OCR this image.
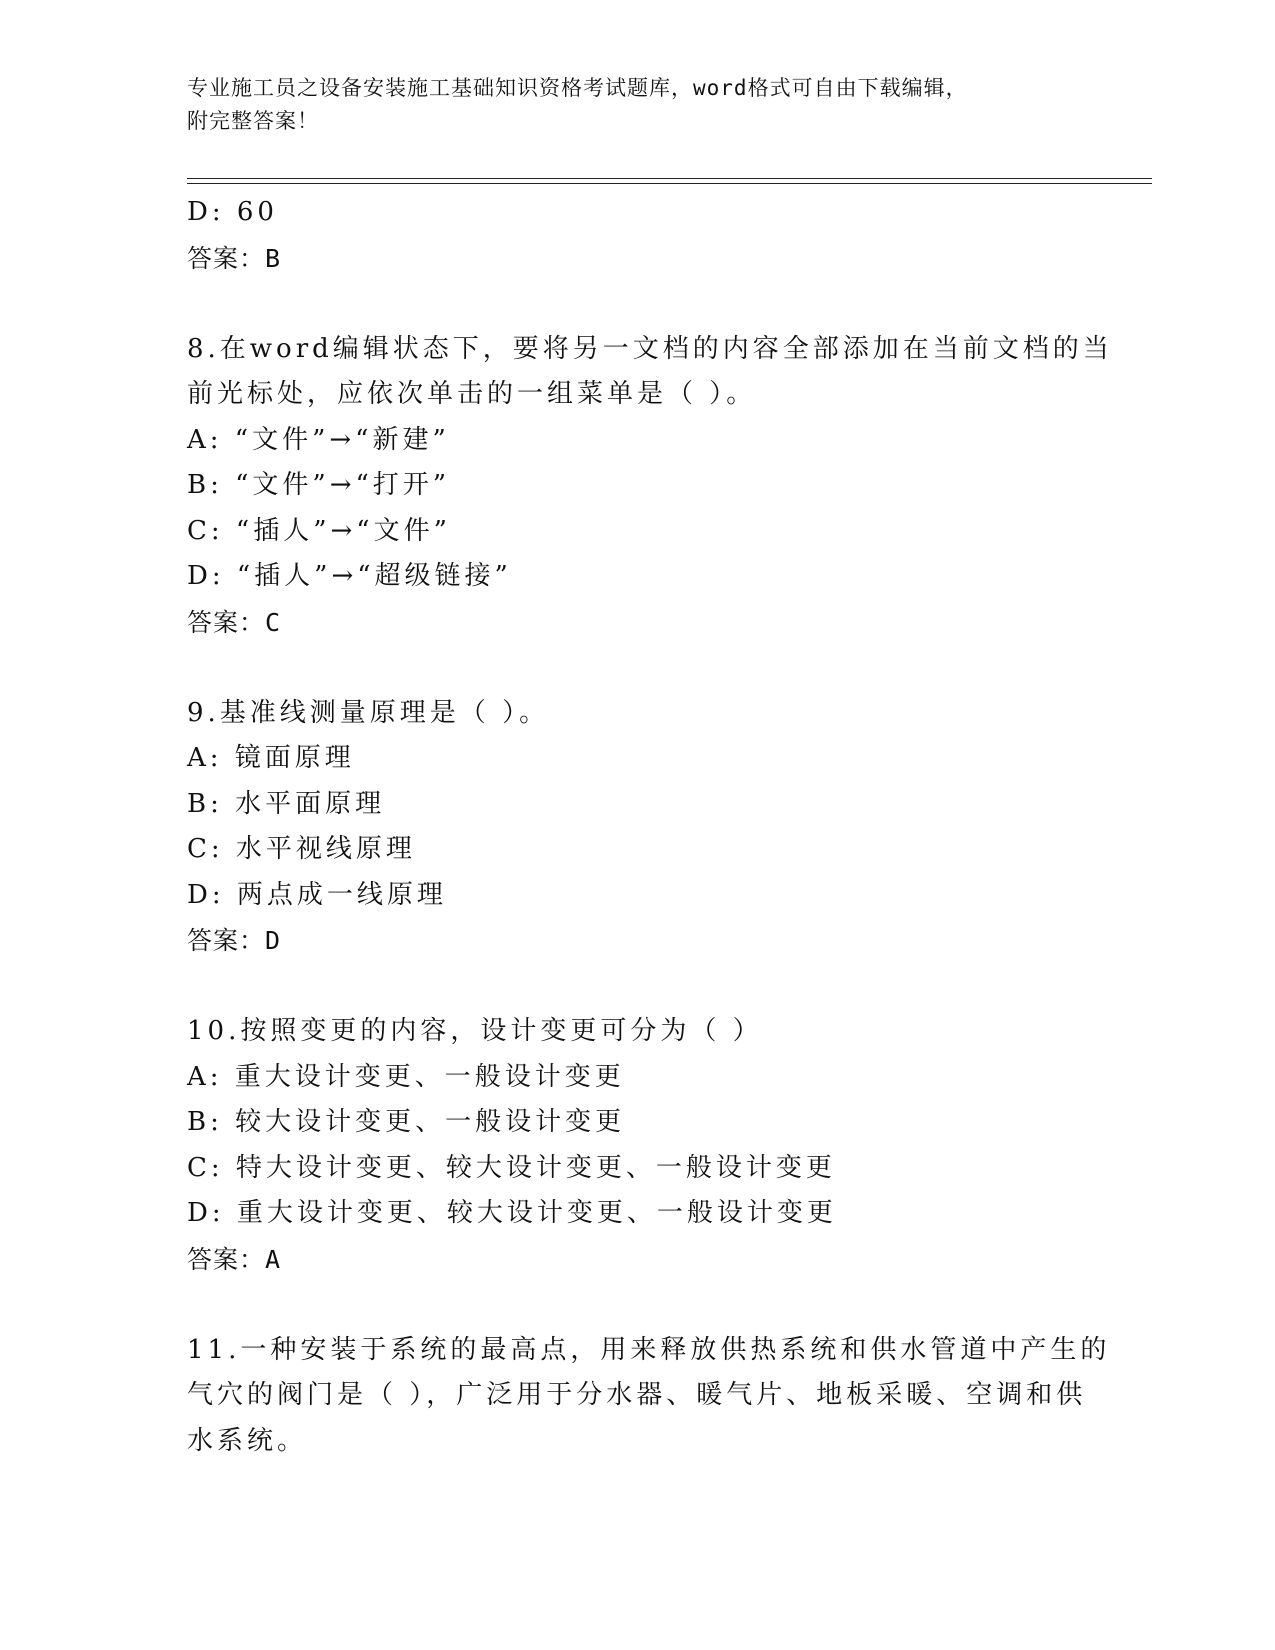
专业施工员之设备安装施工基础知识资格考试题库，word格式可自由下载编辑，
附完整答案！
D: 60
答案：B
8.在word编辑状态下，要将另一文档的内容全部添加在当前文档的当
前光标处，应依次单击的一组菜单是（ ）。
A: “文件”→“新建”
B: “文件”→“打开”
C: “插人”→“文件”
D: “插人”→“超级链接”
答案：C
9.基准线测量原理是（ ）。
A: 镜面原理
B: 水平面原理
C: 水平视线原理
D: 两点成一线原理
答案：D
10.按照变更的内容，设计变更可分为（ ）
A: 重大设计变更、一般设计变更
B: 较大设计变更、一般设计变更
C: 特大设计变更、较大设计变更、一般设计变更
D: 重大设计变更、较大设计变更、一般设计变更
答案：A
11.一种安装于系统的最高点，用来释放供热系统和供水管道中产生的
气穴的阀门是（ ），广泛用于分水器、暖气片、地板采暖、空调和供
水系统。
